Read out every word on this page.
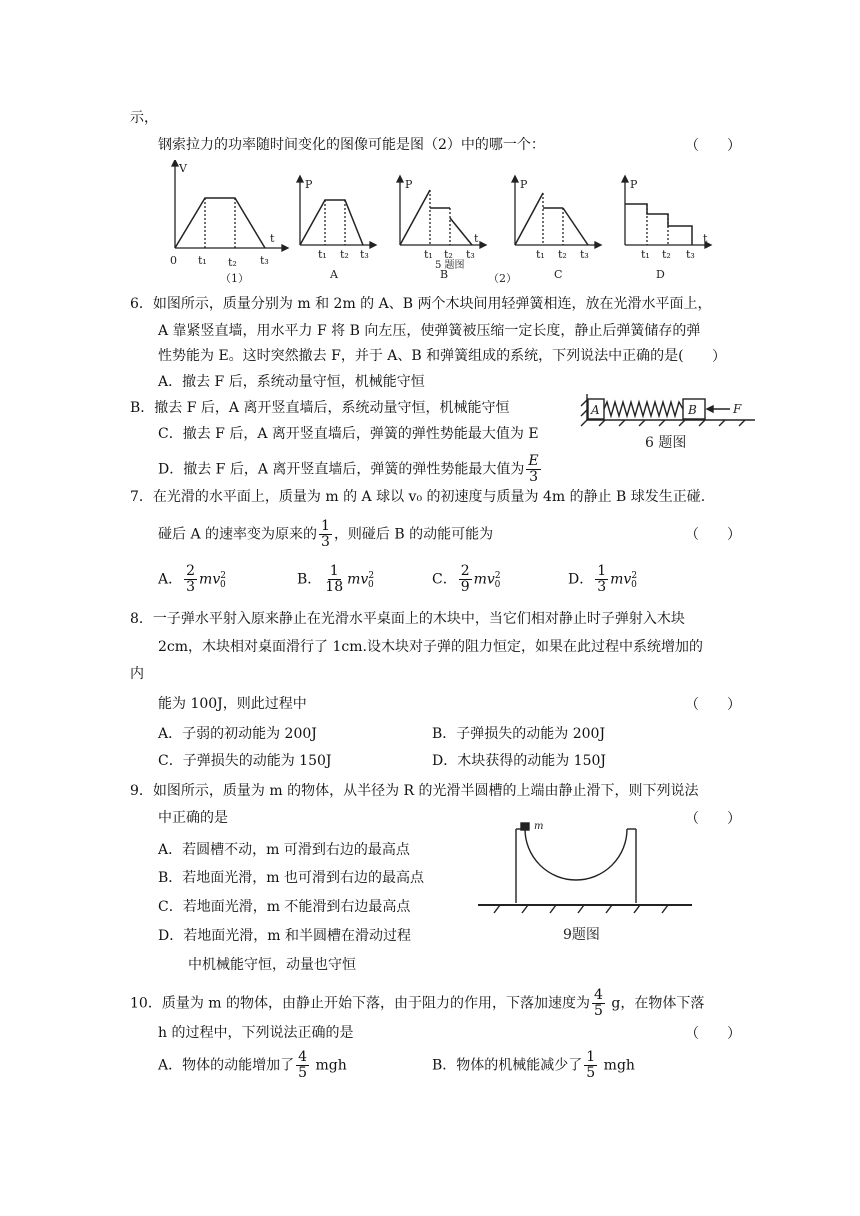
示，
钢索拉力的功率随时间变化的图像可能是图（2）中的哪一个：	（　　）
V
t
0 t₁ t₂ t₃
（1）
P
t₁ t₂ t₃
A
P
t
t₁ t₂ t₃
B
5 题图
P
（2）
t₁ t₂ t₃
C
P
t
t₁ t₂ t₃
D
6．如图所示，质量分别为 m 和 2m 的 A、B 两个木块间用轻弹簧相连，放在光滑水平面上，
A 靠紧竖直墙，用水平力 F 将 B 向左压，使弹簧被压缩一定长度，静止后弹簧储存的弹
性势能为 E。这时突然撤去 F，并于 A、B 和弹簧组成的系统，下列说法中正确的是( ）
A．撤去 F 后，系统动量守恒，机械能守恒
B．撤去 F 后，A 离开竖直墙后，系统动量守恒，机械能守恒
C．撤去 F 后，A 离开竖直墙后，弹簧的弹性势能最大值为 E
D．撤去 F 后，A 离开竖直墙后，弹簧的弹性势能最大值为 $\frac{E}{3}$
A	B	F
6 题图
7．在光滑的水平面上，质量为 m 的 A 球以 v₀ 的初速度与质量为 4m 的静止 B 球发生正碰.
碰后 A 的速率变为原来的 $\frac{1}{3}$ ，则碰后 B 的动能可能为	（　　）
A． $\frac{2}{3} mv^2_0$	B． $\frac{1}{18} mv^2_0$	C． $\frac{2}{9} mv^2_0$	D． $\frac{1}{3} mv^2_0$
8．一子弹水平射入原来静止在光滑水平桌面上的木块中，当它们相对静止时子弹射入木块
2cm，木块相对桌面滑行了 1cm.设木块对子弹的阻力恒定，如果在此过程中系统增加的
内
能为 100J，则此过程中	（　　）
A．子弱的初动能为 200J	B．子弹损失的动能为 200J
C．子弹损失的动能为 150J	D．木块获得的动能为 150J
9．如图所示，质量为 m 的物体，从半径为 R 的光滑半圆槽的上端由静止滑下，则下列说法
中正确的是	（　　）
A．若圆槽不动，m 可滑到右边的最高点
B．若地面光滑，m 也可滑到右边的最高点
C．若地面光滑，m 不能滑到右边最高点
D．若地面光滑，m 和半圆槽在滑动过程
中机械能守恒，动量也守恒
m
9题图
10．质量为 m 的物体，由静止开始下落，由于阻力的作用，下落加速度为 $\frac{4}{5}$ g，在物体下落
h 的过程中，下列说法正确的是	（　　）
A．物体的动能增加了 $\frac{4}{5}$ mgh	B．物体的机械能减少了 $\frac{1}{5}$ mgh
